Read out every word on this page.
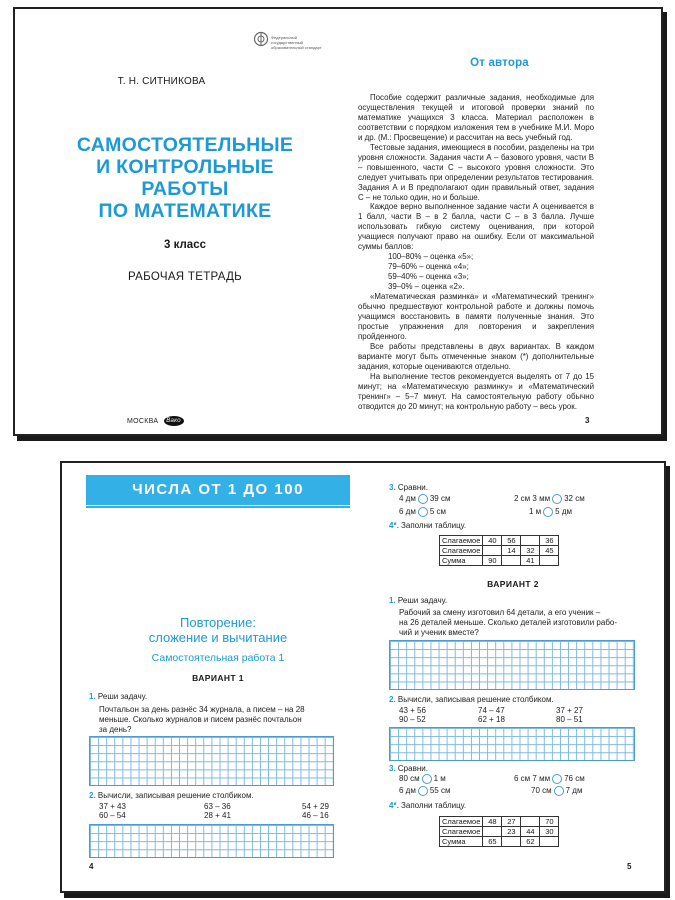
Федеральный государственный образовательный стандарт
Т. Н. СИТНИКОВА
САМОСТОЯТЕЛЬНЫЕ
И КОНТРОЛЬНЫЕ
РАБОТЫ
ПО МАТЕМАТИКЕ
3 класс
РАБОЧАЯ ТЕТРАДЬ
МОСКВА Вако
От автора

Пособие содержит различные задания, необходимые для осуществления текущей и итоговой проверки знаний по математике учащихся 3 класса. Материал расположен в соответствии с порядком изложения тем в учебнике М.И. Моро и др. (М.: Просвещение) и рассчитан на весь учебный год.

Тестовые задания, имеющиеся в пособии, разделены на три уровня сложности. Задания части А – базового уровня, части В – повышенного, части С – высокого уровня сложности. Это следует учитывать при определении результатов тестирования. Задания А и В предполагают один правильный ответ, задания С – не только один, но и больше.

Каждое верно выполненное задание части А оценивается в 1 балл, части В – в 2 балла, части С – в 3 балла. Лучше использовать гибкую систему оценивания, при которой учащиеся получают право на ошибку. Если от максимальной суммы баллов:

100–80% – оценка «5»;

79–60% – оценка «4»;

59–40% – оценка «3»;

39–0% – оценка «2».

«Математическая разминка» и «Математический тренинг» обычно предшествуют контрольной работе и должны помочь учащимся восстановить в памяти полученные знания. Это простые упражнения для повторения и закрепления пройденного.

Все работы представлены в двух вариантах. В каждом варианте могут быть отмеченные знаком (*) дополнительные задания, которые оцениваются отдельно.

На выполнение тестов рекомендуется выделять от 7 до 15 минут; на «Математическую разминку» и «Математический тренинг» – 5–7 минут. На самостоятельную работу обычно отводится до 20 минут; на контрольную работу – весь урок.

3
ЧИСЛА ОТ 1 ДО 100
Повторение:
сложение и вычитание
Самостоятельная работа 1
ВАРИАНТ 1
1. Реши задачу.
Почтальон за день разнёс 34 журнала, а писем – на 28
меньше. Сколько журналов и писем разнёс почтальон
за день?
2. Вычисли, записывая решение столбиком.
37 + 43	63 – 36	54 + 29
60 – 54	28 + 41	46 – 16
4
3. Сравни.
4 дм 39 см
6 дм 5 см
2 см 3 мм 32 см
1 м 5 дм
4*. Заполни таблицу.
Слагаемое	40	56		36
Слагаемое		14	32	45
Сумма	90		41	
ВАРИАНТ 2
1. Реши задачу.
Рабочий за смену изготовил 64 детали, а его ученик –
на 26 деталей меньше. Сколько деталей изготовили рабо-
чий и ученик вместе?
2. Вычисли, записывая решение столбиком.
43 + 56	74 – 47	37 + 27
90 – 52	62 + 18	80 – 51
3. Сравни.
80 см 1 м
6 дм 55 см
6 см 7 мм 76 см
70 см 7 дм
4*. Заполни таблицу.
Слагаемое	48	27		70
Слагаемое		23	44	30
Сумма	65		62	
5
